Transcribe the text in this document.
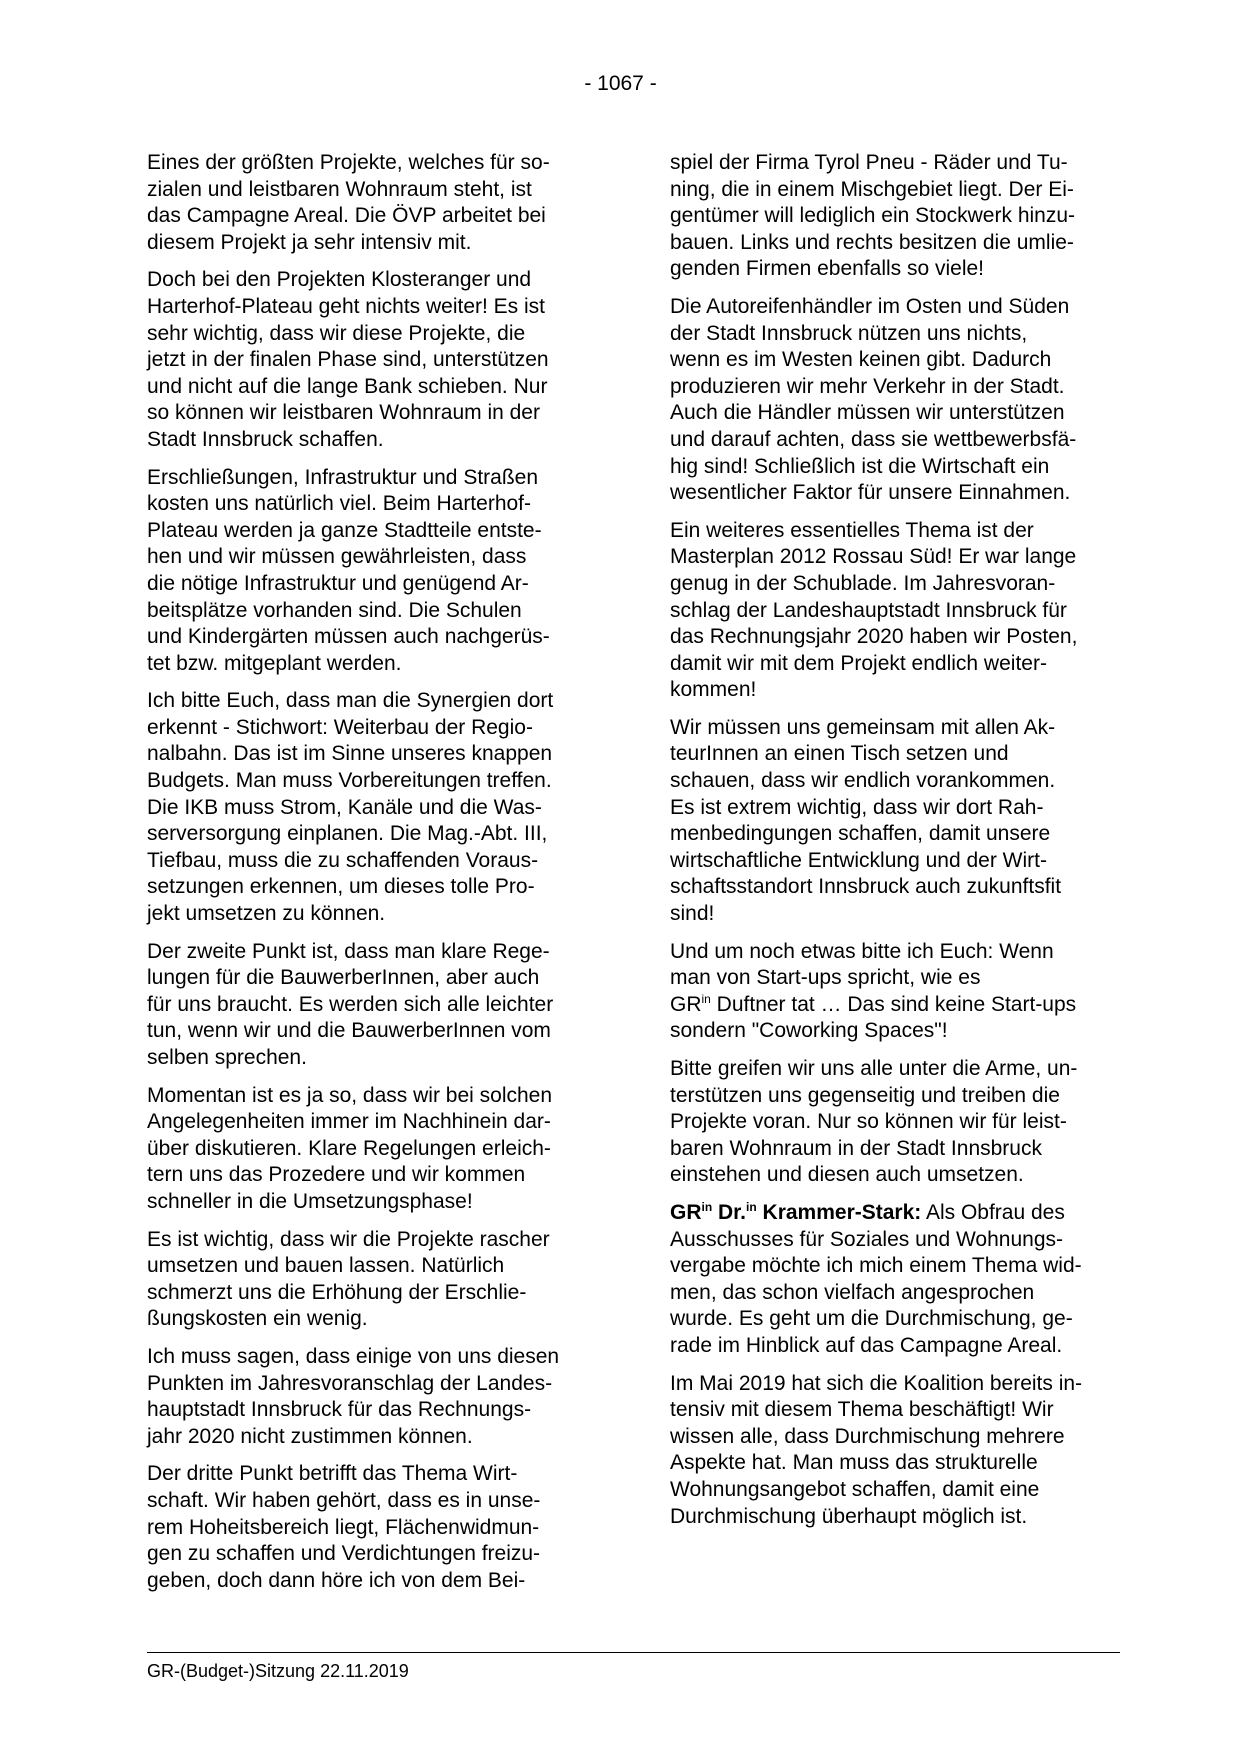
- 1067 -

Eines der größten Projekte, welches für so-
zialen und leistbaren Wohnraum steht, ist
das Campagne Areal. Die ÖVP arbeitet bei
diesem Projekt ja sehr intensiv mit.

Doch bei den Projekten Klosteranger und
Harterhof-Plateau geht nichts weiter! Es ist
sehr wichtig, dass wir diese Projekte, die
jetzt in der finalen Phase sind, unterstützen
und nicht auf die lange Bank schieben. Nur
so können wir leistbaren Wohnraum in der
Stadt Innsbruck schaffen.

Erschließungen, Infrastruktur und Straßen
kosten uns natürlich viel. Beim Harterhof-
Plateau werden ja ganze Stadtteile entste-
hen und wir müssen gewährleisten, dass
die nötige Infrastruktur und genügend Ar-
beitsplätze vorhanden sind. Die Schulen
und Kindergärten müssen auch nachgerüs-
tet bzw. mitgeplant werden.

Ich bitte Euch, dass man die Synergien dort
erkennt - Stichwort: Weiterbau der Regio-
nalbahn. Das ist im Sinne unseres knappen
Budgets. Man muss Vorbereitungen treffen.
Die IKB muss Strom, Kanäle und die Was-
serversorgung einplanen. Die Mag.-Abt. III,
Tiefbau, muss die zu schaffenden Voraus-
setzungen erkennen, um dieses tolle Pro-
jekt umsetzen zu können.

Der zweite Punkt ist, dass man klare Rege-
lungen für die BauwerberInnen, aber auch
für uns braucht. Es werden sich alle leichter
tun, wenn wir und die BauwerberInnen vom
selben sprechen.

Momentan ist es ja so, dass wir bei solchen
Angelegenheiten immer im Nachhinein dar-
über diskutieren. Klare Regelungen erleich-
tern uns das Prozedere und wir kommen
schneller in die Umsetzungsphase!

Es ist wichtig, dass wir die Projekte rascher
umsetzen und bauen lassen. Natürlich
schmerzt uns die Erhöhung der Erschlie-
ßungskosten ein wenig.

Ich muss sagen, dass einige von uns diesen
Punkten im Jahresvoranschlag der Landes-
hauptstadt Innsbruck für das Rechnungs-
jahr 2020 nicht zustimmen können.

Der dritte Punkt betrifft das Thema Wirt-
schaft. Wir haben gehört, dass es in unse-
rem Hoheitsbereich liegt, Flächenwidmun-
gen zu schaffen und Verdichtungen freizu-
geben, doch dann höre ich von dem Bei-

spiel der Firma Tyrol Pneu - Räder und Tu-
ning, die in einem Mischgebiet liegt. Der Ei-
gentümer will lediglich ein Stockwerk hinzu-
bauen. Links und rechts besitzen die umlie-
genden Firmen ebenfalls so viele!

Die Autoreifenhändler im Osten und Süden
der Stadt Innsbruck nützen uns nichts,
wenn es im Westen keinen gibt. Dadurch
produzieren wir mehr Verkehr in der Stadt.
Auch die Händler müssen wir unterstützen
und darauf achten, dass sie wettbewerbsfä-
hig sind! Schließlich ist die Wirtschaft ein
wesentlicher Faktor für unsere Einnahmen.

Ein weiteres essentielles Thema ist der
Masterplan 2012 Rossau Süd! Er war lange
genug in der Schublade. Im Jahresvoran-
schlag der Landeshauptstadt Innsbruck für
das Rechnungsjahr 2020 haben wir Posten,
damit wir mit dem Projekt endlich weiter-
kommen!

Wir müssen uns gemeinsam mit allen Ak-
teurInnen an einen Tisch setzen und
schauen, dass wir endlich vorankommen.
Es ist extrem wichtig, dass wir dort Rah-
menbedingungen schaffen, damit unsere
wirtschaftliche Entwicklung und der Wirt-
schaftsstandort Innsbruck auch zukunftsfit
sind!

Und um noch etwas bitte ich Euch: Wenn
man von Start-ups spricht, wie es
$GR^{in}$ Duftner tat … Das sind keine Start-ups
sondern "Coworking Spaces"!

Bitte greifen wir uns alle unter die Arme, un-
terstützen uns gegenseitig und treiben die
Projekte voran. Nur so können wir für leist-
baren Wohnraum in der Stadt Innsbruck
einstehen und diesen auch umsetzen.

$GR^{in}$ Dr.$^{in}$ Krammer-Stark: Als Obfrau des
Ausschusses für Soziales und Wohnungs-
vergabe möchte ich mich einem Thema wid-
men, das schon vielfach angesprochen
wurde. Es geht um die Durchmischung, ge-
rade im Hinblick auf das Campagne Areal.

Im Mai 2019 hat sich die Koalition bereits in-
tensiv mit diesem Thema beschäftigt! Wir
wissen alle, dass Durchmischung mehrere
Aspekte hat. Man muss das strukturelle
Wohnungsangebot schaffen, damit eine
Durchmischung überhaupt möglich ist.

GR-(Budget-)Sitzung 22.11.2019
